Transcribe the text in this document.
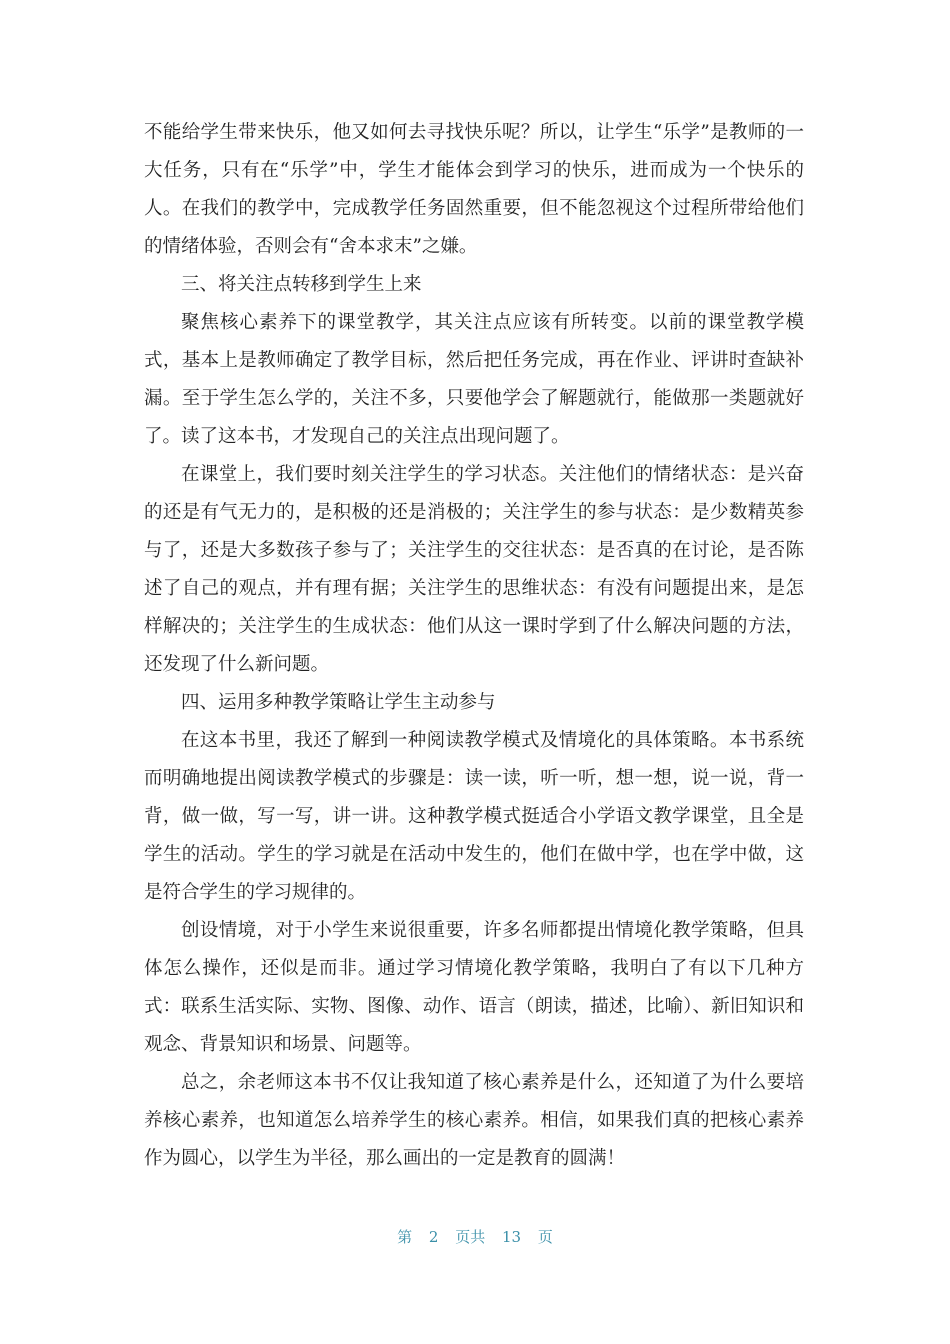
不能给学生带来快乐，他又如何去寻找快乐呢？所以，让学生“乐学”是教师的一大任务，只有在“乐学”中，学生才能体会到学习的快乐，进而成为一个快乐的人。在我们的教学中，完成教学任务固然重要，但不能忽视这个过程所带给他们的情绪体验，否则会有“舍本求末”之嫌。

三、将关注点转移到学生上来

聚焦核心素养下的课堂教学，其关注点应该有所转变。以前的课堂教学模式，基本上是教师确定了教学目标，然后把任务完成，再在作业、评讲时查缺补漏。至于学生怎么学的，关注不多，只要他学会了解题就行，能做那一类题就好了。读了这本书，才发现自己的关注点出现问题了。

在课堂上，我们要时刻关注学生的学习状态。关注他们的情绪状态：是兴奋的还是有气无力的，是积极的还是消极的；关注学生的参与状态：是少数精英参与了，还是大多数孩子参与了；关注学生的交往状态：是否真的在讨论，是否陈述了自己的观点，并有理有据；关注学生的思维状态：有没有问题提出来，是怎样解决的；关注学生的生成状态：他们从这一课时学到了什么解决问题的方法，还发现了什么新问题。

四、运用多种教学策略让学生主动参与

在这本书里，我还了解到一种阅读教学模式及情境化的具体策略。本书系统而明确地提出阅读教学模式的步骤是：读一读，听一听，想一想，说一说，背一背，做一做，写一写，讲一讲。这种教学模式挺适合小学语文教学课堂，且全是学生的活动。学生的学习就是在活动中发生的，他们在做中学，也在学中做，这是符合学生的学习规律的。

创设情境，对于小学生来说很重要，许多名师都提出情境化教学策略，但具体怎么操作，还似是而非。通过学习情境化教学策略，我明白了有以下几种方式：联系生活实际、实物、图像、动作、语言（朗读，描述，比喻）、新旧知识和观念、背景知识和场景、问题等。

总之，余老师这本书不仅让我知道了核心素养是什么，还知道了为什么要培养核心素养，也知道怎么培养学生的核心素养。相信，如果我们真的把核心素养作为圆心，以学生为半径，那么画出的一定是教育的圆满！

第 2 页共 13 页
